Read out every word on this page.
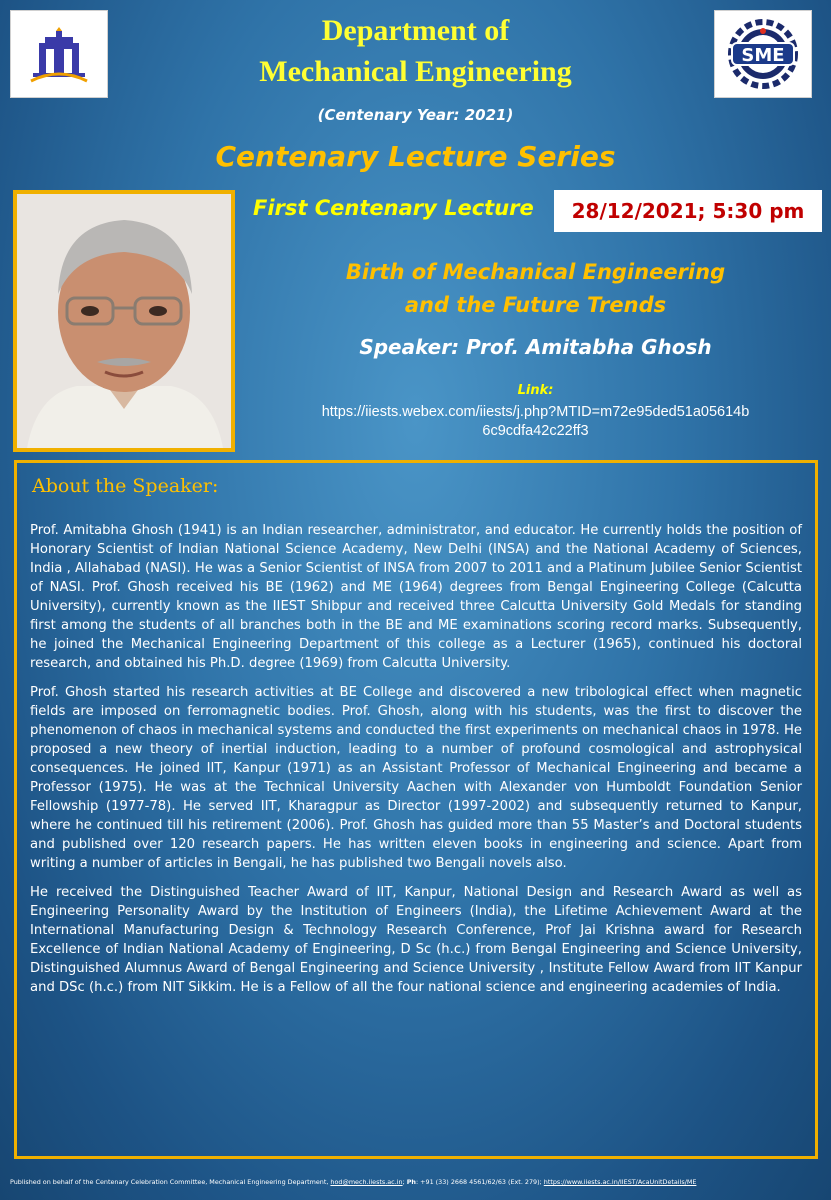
SME
Department of
Mechanical Engineering
(Centenary Year: 2021)
Centenary Lecture Series
First Centenary Lecture	28/12/2021; 5:30 pm
Birth of Mechanical Engineering
and the Future Trends
Speaker: Prof. Amitabha Ghosh
Link:
https://iiests.webex.com/iiests/j.php?MTID=m72e95ded51a05614b
6c9cdfa42c22ff3
About the Speaker:

Prof. Amitabha Ghosh (1941) is an Indian researcher, administrator, and educator. He currently holds the position of Honorary Scientist of Indian National Science Academy, New Delhi (INSA) and the National Academy of Sciences, India , Allahabad (NASI). He was a Senior Scientist of INSA from 2007 to 2011 and a Platinum Jubilee Senior Scientist of NASI. Prof. Ghosh received his BE (1962) and ME (1964) degrees from Bengal Engineering College (Calcutta University), currently known as the IIEST Shibpur and received three Calcutta University Gold Medals for standing first among the students of all branches both in the BE and ME examinations scoring record marks. Subsequently, he joined the Mechanical Engineering Department of this college as a Lecturer (1965), continued his doctoral research, and obtained his Ph.D. degree (1969) from Calcutta University.

Prof. Ghosh started his research activities at BE College and discovered a new tribological effect when magnetic fields are imposed on ferromagnetic bodies. Prof. Ghosh, along with his students, was the first to discover the phenomenon of chaos in mechanical systems and conducted the first experiments on mechanical chaos in 1978. He proposed a new theory of inertial induction, leading to a number of profound cosmological and astrophysical consequences. He joined IIT, Kanpur (1971) as an Assistant Professor of Mechanical Engineering and became a Professor (1975). He was at the Technical University Aachen with Alexander von Humboldt Foundation Senior Fellowship (1977-78). He served IIT, Kharagpur as Director (1997-2002) and subsequently returned to Kanpur, where he continued till his retirement (2006). Prof. Ghosh has guided more than 55 Master’s and Doctoral students and published over 120 research papers. He has written eleven books in engineering and science. Apart from writing a number of articles in Bengali, he has published two Bengali novels also.

He received the Distinguished Teacher Award of IIT, Kanpur, National Design and Research Award as well as Engineering Personality Award by the Institution of Engineers (India), the Lifetime Achievement Award at the International Manufacturing Design & Technology Research Conference, Prof Jai Krishna award for Research Excellence of Indian National Academy of Engineering, D Sc (h.c.) from Bengal Engineering and Science University, Distinguished Alumnus Award of Bengal Engineering and Science University , Institute Fellow Award from IIT Kanpur and DSc (h.c.) from NIT Sikkim. He is a Fellow of all the four national science and engineering academies of India.

Published on behalf of the Centenary Celebration Committee, Mechanical Engineering Department, hod@mech.iiests.ac.in; Ph: +91 (33) 2668 4561/62/63 (Ext. 279); https://www.iiests.ac.in/IIEST/AcaUnitDetails/ME
